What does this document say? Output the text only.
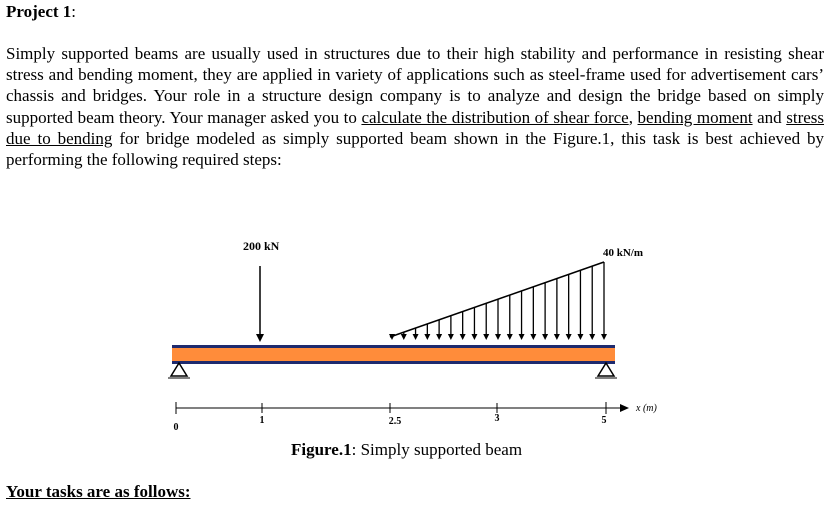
Project 1:

Simply supported beams are usually used in structures due to their high stability and performance in resisting shear stress and bending moment, they are applied in variety of applications such as steel-frame used for advertisement cars’ chassis and bridges. Your role in a structure design company is to analyze and design the bridge based on simply supported beam theory. Your manager asked you to calculate the distribution of shear force, bending moment and stress due to bending for bridge modeled as simply supported beam shown in the Figure.1, this task is best achieved by performing the following required steps:

200 kN	40 kN/m
x (m)
0
1	2.5	3	5
Figure.1: Simply supported beam
Your tasks are as follows:
